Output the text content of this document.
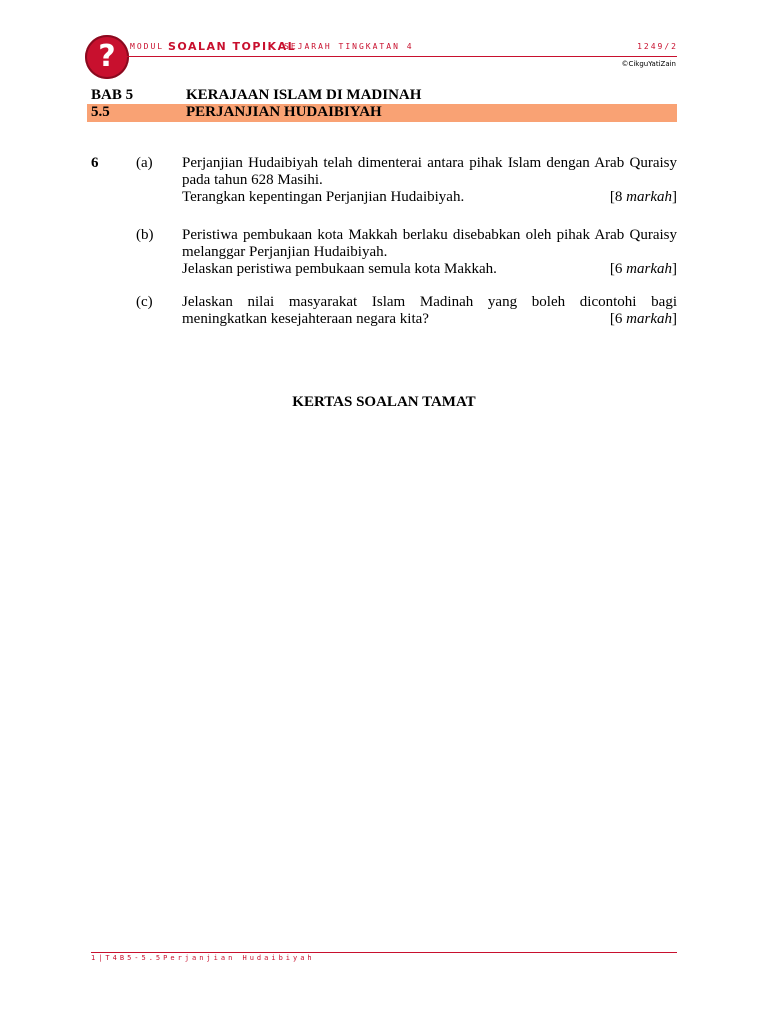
?	MODUL SOALAN TOPIKAL
SEJARAH TINGKATAN 4	1249/2
©CikguYatiZain
BAB 5	KERAJAAN ISLAM DI MADINAH
5.5	PERJANJIAN HUDAIBIYAH
6	(a) Perjanjian Hudaibiyah telah dimenterai antara pihak Islam dengan Arab Quraisy
pada tahun 628 Masihi.
Terangkan kepentingan Perjanjian Hudaibiyah.	[8 markah]
(b) Peristiwa pembukaan kota Makkah berlaku disebabkan oleh pihak Arab Quraisy
melanggar Perjanjian Hudaibiyah.
Jelaskan peristiwa pembukaan semula kota Makkah.	[6 markah]
(c) Jelaskan nilai masyarakat Islam Madinah yang boleh dicontohi bagi
meningkatkan kesejahteraan negara kita?	[6 markah]
KERTAS SOALAN TAMAT
1|T4B5-5.5Perjanjian Hudaibiyah
